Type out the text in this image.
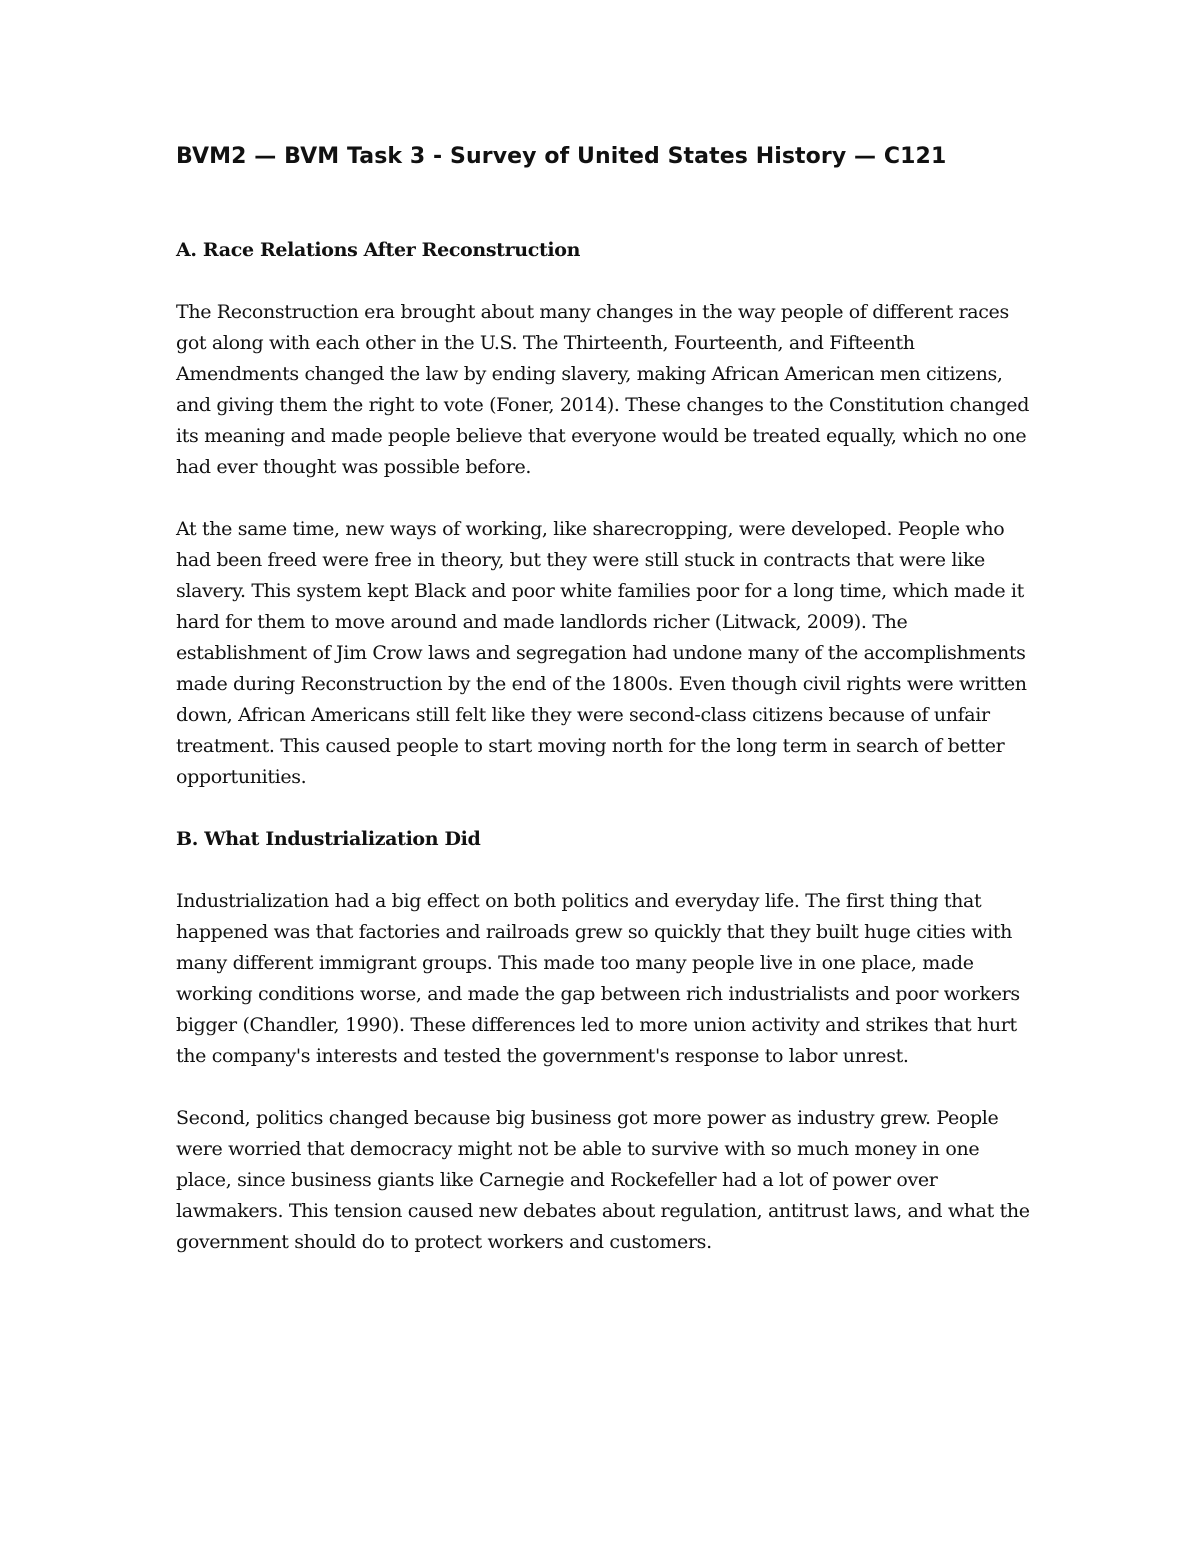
BVM2 — BVM Task 3 - Survey of United States History — C121
A. Race Relations After Reconstruction

The Reconstruction era brought about many changes in the way people of different races got along with each other in the U.S. The Thirteenth, Fourteenth, and Fifteenth Amendments changed the law by ending slavery, making African American men citizens, and giving them the right to vote (Foner, 2014). These changes to the Constitution changed its meaning and made people believe that everyone would be treated equally, which no one had ever thought was possible before.

At the same time, new ways of working, like sharecropping, were developed. People who had been freed were free in theory, but they were still stuck in contracts that were like slavery. This system kept Black and poor white families poor for a long time, which made it hard for them to move around and made landlords richer (Litwack, 2009). The establishment of Jim Crow laws and segregation had undone many of the accomplishments made during Reconstruction by the end of the 1800s. Even though civil rights were written down, African Americans still felt like they were second-class citizens because of unfair treatment. This caused people to start moving north for the long term in search of better opportunities.

B. What Industrialization Did

Industrialization had a big effect on both politics and everyday life. The first thing that happened was that factories and railroads grew so quickly that they built huge cities with many different immigrant groups. This made too many people live in one place, made working conditions worse, and made the gap between rich industrialists and poor workers bigger (Chandler, 1990). These differences led to more union activity and strikes that hurt the company's interests and tested the government's response to labor unrest.

Second, politics changed because big business got more power as industry grew. People were worried that democracy might not be able to survive with so much money in one place, since business giants like Carnegie and Rockefeller had a lot of power over lawmakers. This tension caused new debates about regulation, antitrust laws, and what the government should do to protect workers and customers.
